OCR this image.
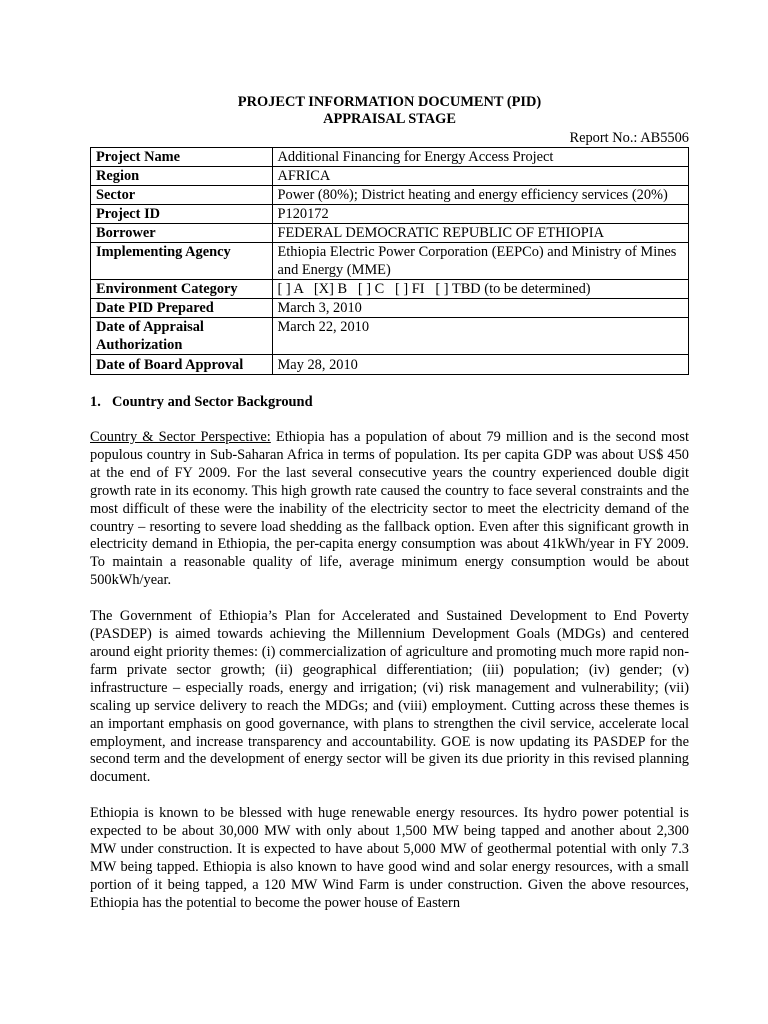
PROJECT INFORMATION DOCUMENT (PID)
APPRAISAL STAGE
Report No.: AB5506
Project Name	Additional Financing for Energy Access Project
Region	AFRICA
Sector	Power (80%); District heating and energy efficiency services (20%)
Project ID	P120172
Borrower	FEDERAL DEMOCRATIC REPUBLIC OF ETHIOPIA
Implementing Agency	Ethiopia Electric Power Corporation (EEPCo) and Ministry of Mines and Energy (MME)
Environment Category	[ ] A   [X] B   [ ] C   [ ] FI   [ ] TBD (to be determined)
Date PID Prepared	March 3, 2010
Date of Appraisal Authorization	March 22, 2010
Date of Board Approval	May 28, 2010
1. Country and Sector Background

Country & Sector Perspective: Ethiopia has a population of about 79 million and is the second most populous country in Sub-Saharan Africa in terms of population. Its per capita GDP was about US$ 450 at the end of FY 2009. For the last several consecutive years the country experienced double digit growth rate in its economy. This high growth rate caused the country to face several constraints and the most difficult of these were the inability of the electricity sector to meet the electricity demand of the country – resorting to severe load shedding as the fallback option. Even after this significant growth in electricity demand in Ethiopia, the per-capita energy consumption was about 41kWh/year in FY 2009. To maintain a reasonable quality of life, average minimum energy consumption would be about 500kWh/year.

The Government of Ethiopia’s Plan for Accelerated and Sustained Development to End Poverty (PASDEP) is aimed towards achieving the Millennium Development Goals (MDGs) and centered around eight priority themes: (i) commercialization of agriculture and promoting much more rapid non-farm private sector growth; (ii) geographical differentiation; (iii) population; (iv) gender; (v) infrastructure – especially roads, energy and irrigation; (vi) risk management and vulnerability; (vii) scaling up service delivery to reach the MDGs; and (viii) employment. Cutting across these themes is an important emphasis on good governance, with plans to strengthen the civil service, accelerate local employment, and increase transparency and accountability. GOE is now updating its PASDEP for the second term and the development of energy sector will be given its due priority in this revised planning document.

Ethiopia is known to be blessed with huge renewable energy resources. Its hydro power potential is expected to be about 30,000 MW with only about 1,500 MW being tapped and another about 2,300 MW under construction. It is expected to have about 5,000 MW of geothermal potential with only 7.3 MW being tapped. Ethiopia is also known to have good wind and solar energy resources, with a small portion of it being tapped, a 120 MW Wind Farm is under construction. Given the above resources, Ethiopia has the potential to become the power house of Eastern
